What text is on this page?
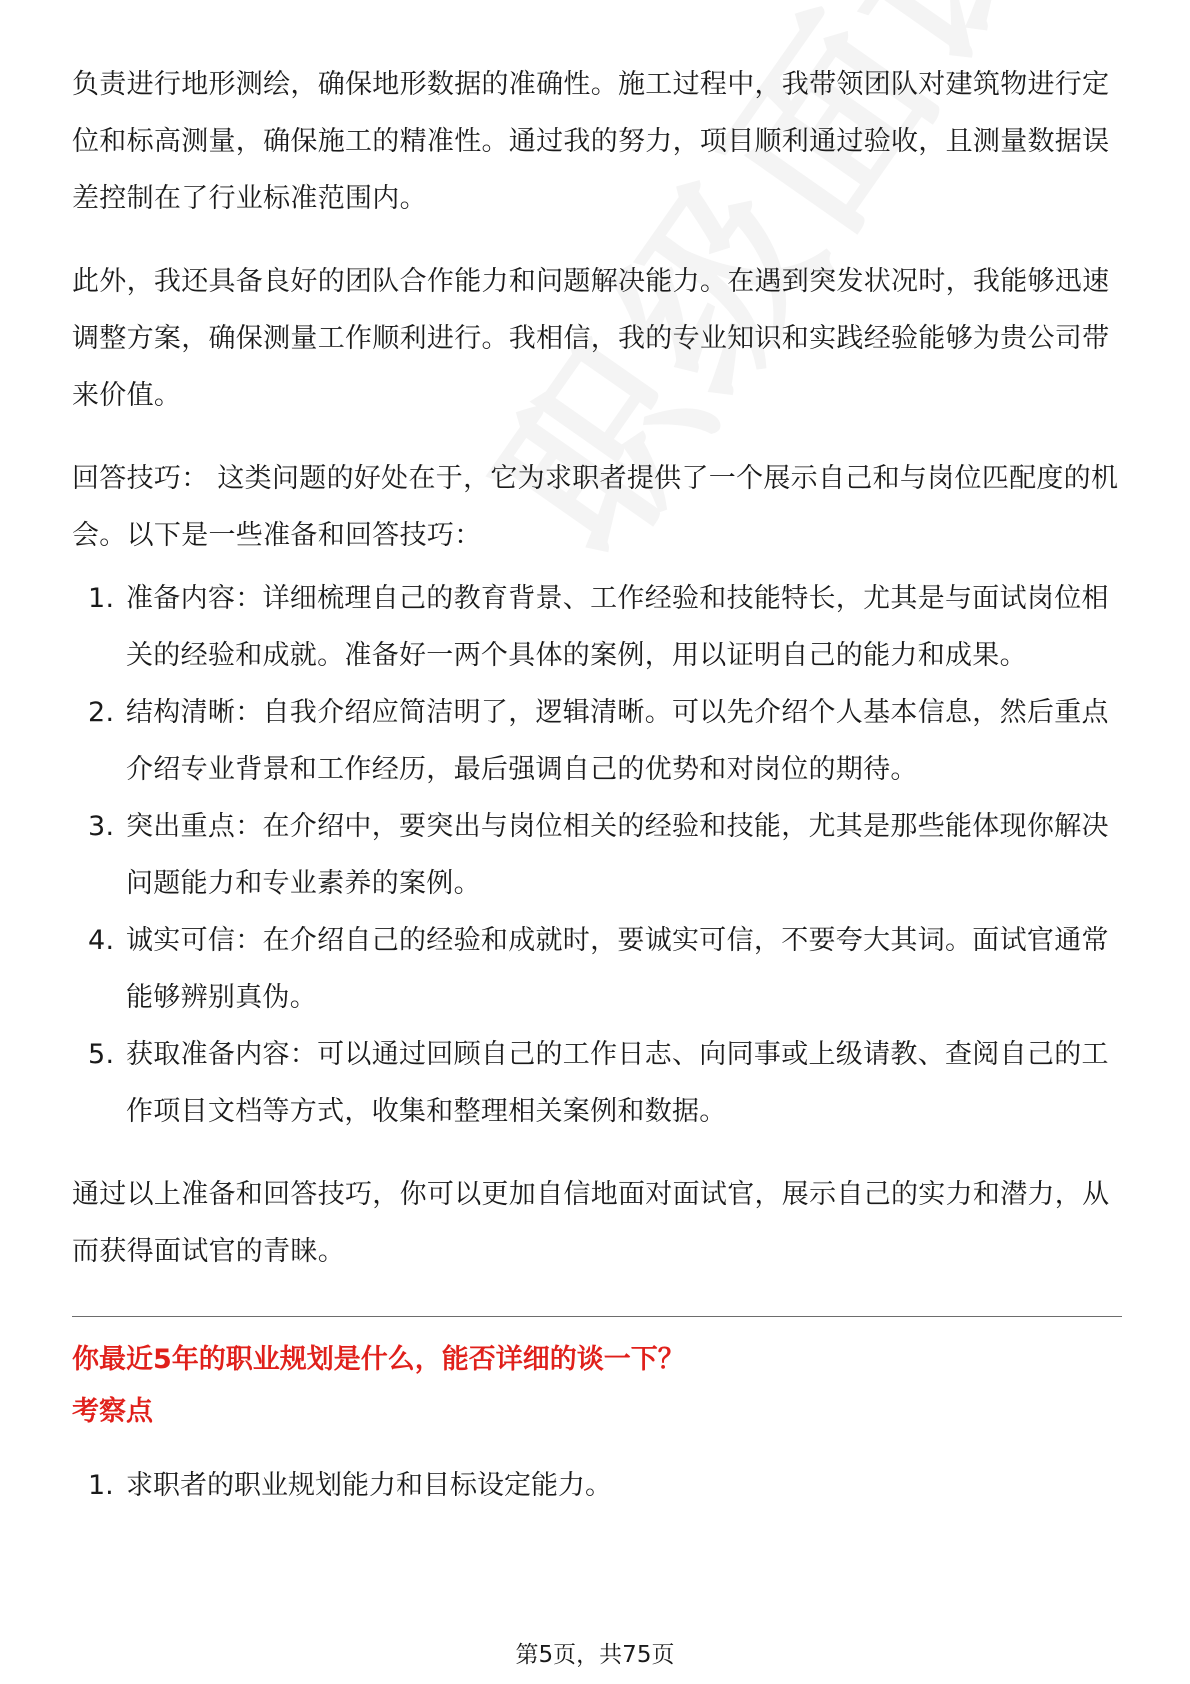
负责进行地形测绘，确保地形数据的准确性。施工过程中，我带领团队对建筑物进行定位和标高测量，确保施工的精准性。通过我的努力，项目顺利通过验收，且测量数据误差控制在了行业标准范围内。

此外，我还具备良好的团队合作能力和问题解决能力。在遇到突发状况时，我能够迅速调整方案，确保测量工作顺利进行。我相信，我的专业知识和实践经验能够为贵公司带来价值。

回答技巧： 这类问题的好处在于，它为求职者提供了一个展示自己和与岗位匹配度的机会。以下是一些准备和回答技巧：

1. 准备内容：详细梳理自己的教育背景、工作经验和技能特长，尤其是与面试岗位相关的经验和成就。准备好一两个具体的案例，用以证明自己的能力和成果。
2. 结构清晰：自我介绍应简洁明了，逻辑清晰。可以先介绍个人基本信息，然后重点介绍专业背景和工作经历，最后强调自己的优势和对岗位的期待。
3. 突出重点：在介绍中，要突出与岗位相关的经验和技能，尤其是那些能体现你解决问题能力和专业素养的案例。
4. 诚实可信：在介绍自己的经验和成就时，要诚实可信，不要夸大其词。面试官通常能够辨别真伪。
5. 获取准备内容：可以通过回顾自己的工作日志、向同事或上级请教、查阅自己的工作项目文档等方式，收集和整理相关案例和数据。

通过以上准备和回答技巧，你可以更加自信地面对面试官，展示自己的实力和潜力，从而获得面试官的青睐。

你最近5年的职业规划是什么，能否详细的谈一下？
考察点
1. 求职者的职业规划能力和目标设定能力。
第5页，共75页
